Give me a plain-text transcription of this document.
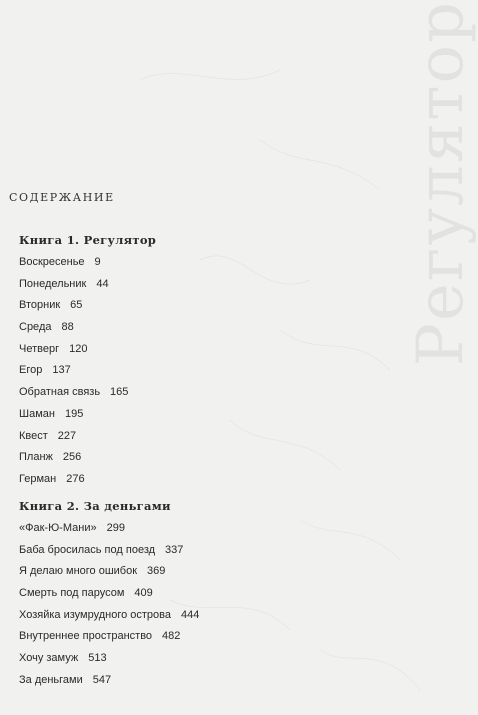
Регулятор
СОДЕРЖАНИЕ
Книга 1. Регулятор
Воскресенье 9
Понедельник 44
Вторник 65
Среда 88
Четверг 120
Егор 137
Обратная связь 165
Шаман 195
Квест 227
Планж 256
Герман 276
Книга 2. За деньгами
«Фак-Ю-Мани» 299
Баба бросилась под поезд 337
Я делаю много ошибок 369
Смерть под парусом 409
Хозяйка изумрудного острова 444
Внутреннее пространство 482
Хочу замуж 513
За деньгами 547
